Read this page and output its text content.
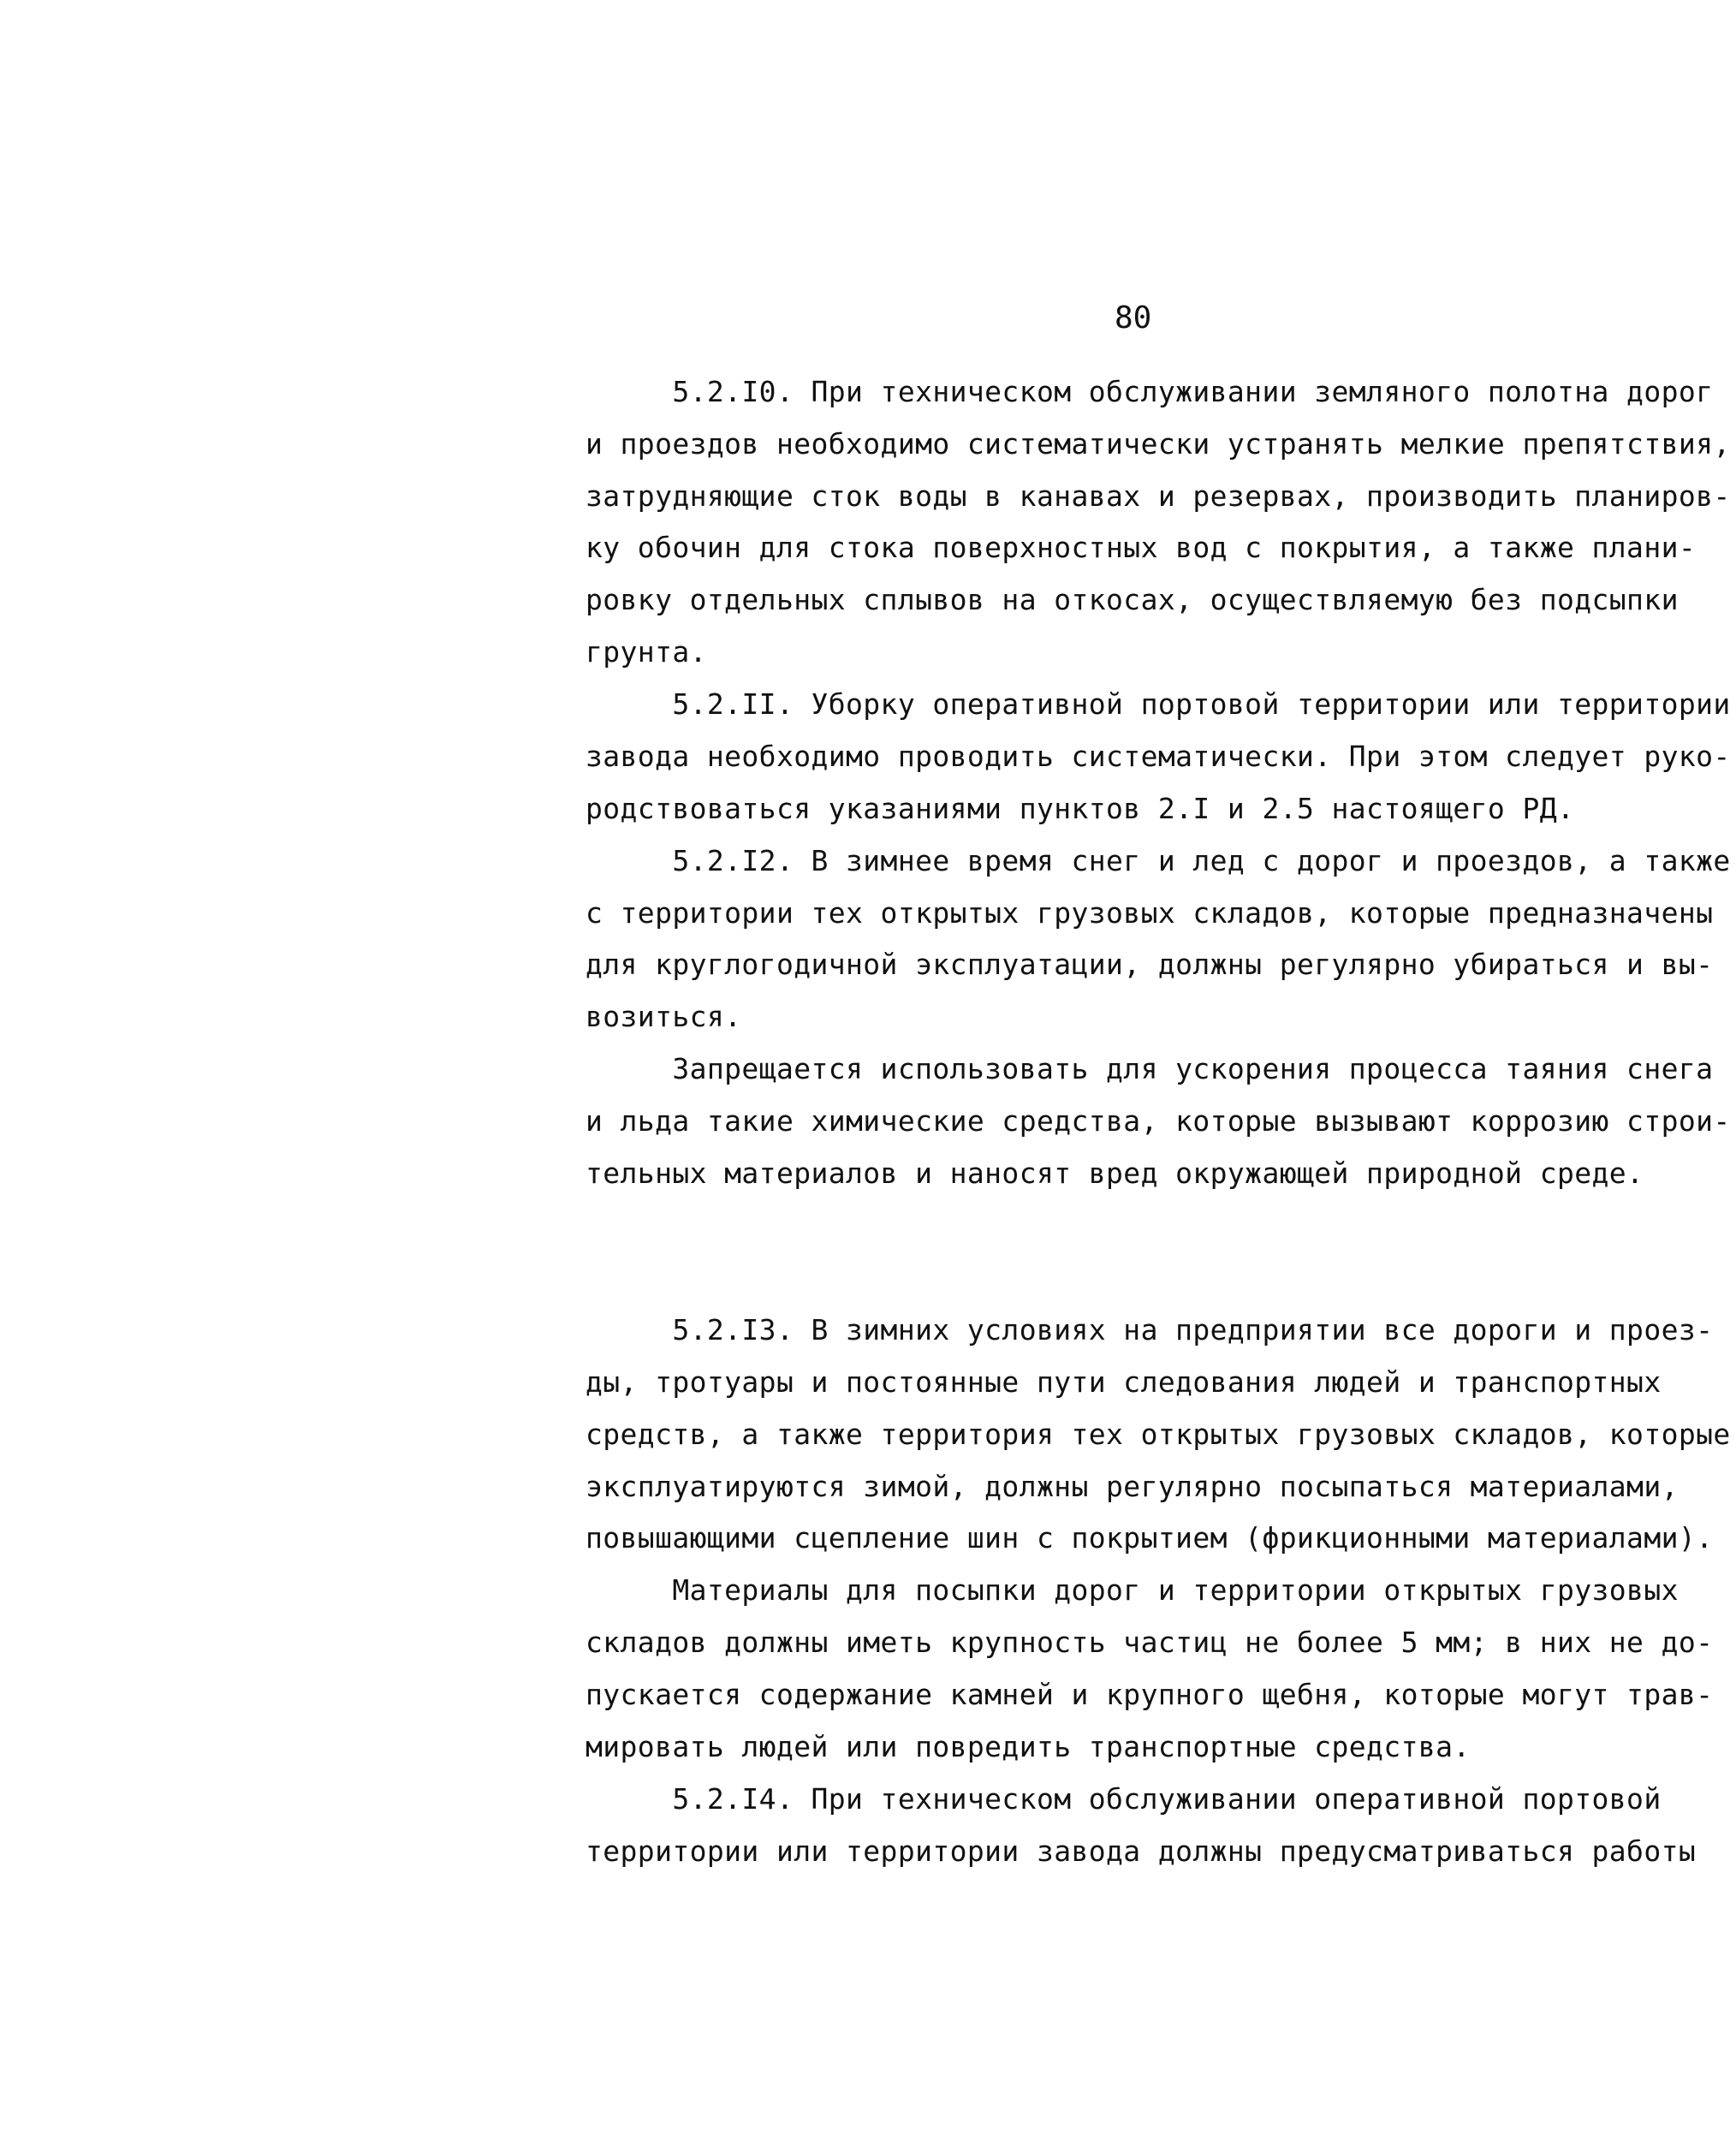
80
5.2.I0. При техническом обслуживании земляного полотна дорог
и проездов необходимо систематически устранять мелкие препятствия,
затрудняющие сток воды в канавах и резервах, производить планиров-
ку обочин для стока поверхностных вод с покрытия, а также плани-
ровку отдельных сплывов на откосах, осуществляемую без подсыпки
грунта.
5.2.II. Уборку оперативной портовой территории или территории
завода необходимо проводить систематически. При этом следует руко-
родствоваться указаниями пунктов 2.I и 2.5 настоящего РД.
5.2.I2. В зимнее время снег и лед с дорог и проездов, а также
с территории тех открытых грузовых складов, которые предназначены
для круглогодичной эксплуатации, должны регулярно убираться и вы-
возиться.
Запрещается использовать для ускорения процесса таяния снега
и льда такие химические средства, которые вызывают коррозию строи-
тельных материалов и наносят вред окружающей природной среде.
5.2.I3. В зимних условиях на предприятии все дороги и проез-
ды, тротуары и постоянные пути следования людей и транспортных
средств, а также территория тех открытых грузовых складов, которые
эксплуатируются зимой, должны регулярно посыпаться материалами,
повышающими сцепление шин с покрытием (фрикционными материалами).
Материалы для посыпки дорог и территории открытых грузовых
складов должны иметь крупность частиц не более 5 мм; в них не до-
пускается содержание камней и крупного щебня, которые могут трав-
мировать людей или повредить транспортные средства.
5.2.I4. При техническом обслуживании оперативной портовой
территории или территории завода должны предусматриваться работы
